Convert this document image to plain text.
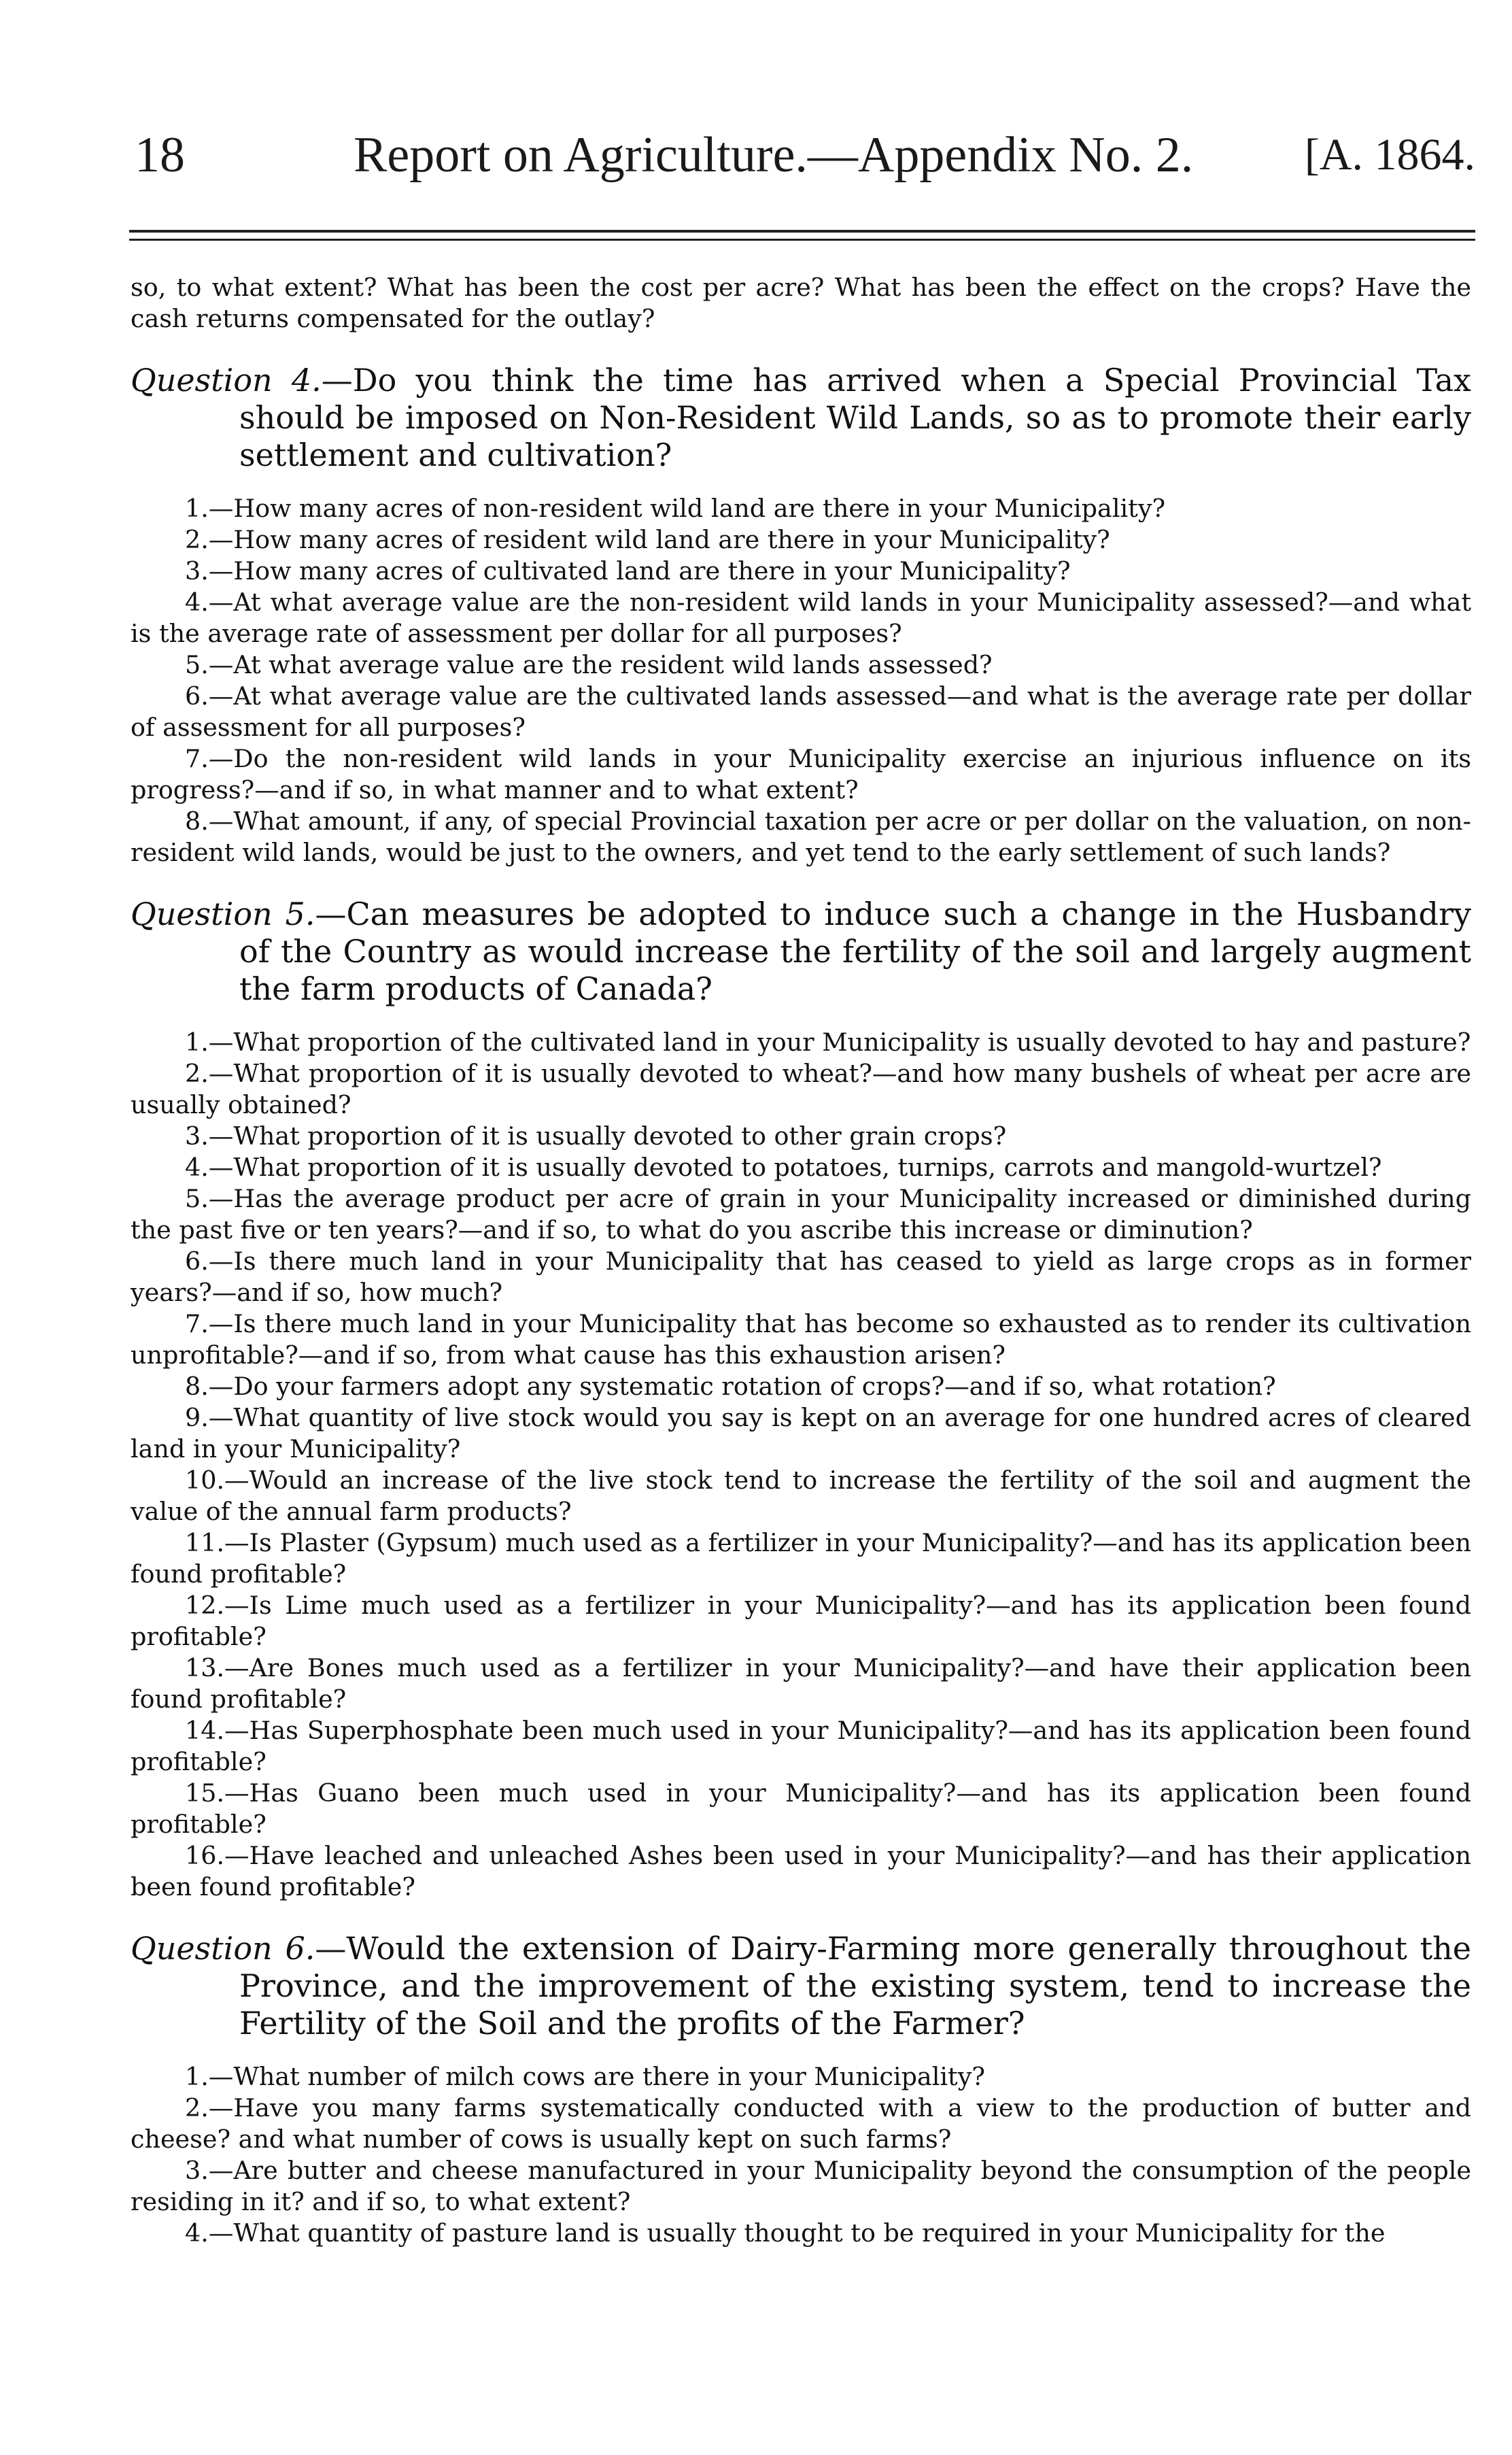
18	Report on Agriculture.—Appendix No. 2. [A. 1864.

so, to what extent? What has been the cost per acre? What has been the effect on the crops? Have the cash returns compensated for the outlay?

Question 4.—Do you think the time has arrived when a Special Provincial Tax should be imposed on Non-Resident Wild Lands, so as to promote their early settlement and cultivation?

1.—How many acres of non-resident wild land are there in your Municipality?

2.—How many acres of resident wild land are there in your Municipality?

3.—How many acres of cultivated land are there in your Municipality?

4.—At what average value are the non-resident wild lands in your Municipality assessed?—and what is the average rate of assessment per dollar for all purposes?

5.—At what average value are the resident wild lands assessed?

6.—At what average value are the cultivated lands assessed—and what is the average rate per dollar of assessment for all purposes?

7.—Do the non-resident wild lands in your Municipality exercise an injurious influence on its progress?—and if so, in what manner and to what extent?

8.—What amount, if any, of special Provincial taxation per acre or per dollar on the valuation, on non-resident wild lands, would be just to the owners, and yet tend to the early settlement of such lands?

Question 5.—Can measures be adopted to induce such a change in the Husbandry of the Country as would increase the fertility of the soil and largely augment the farm products of Canada?

1.—What proportion of the cultivated land in your Municipality is usually devoted to hay and pasture?

2.—What proportion of it is usually devoted to wheat?—and how many bushels of wheat per acre are usually obtained?

3.—What proportion of it is usually devoted to other grain crops?

4.—What proportion of it is usually devoted to potatoes, turnips, carrots and mangold-wurtzel?

5.—Has the average product per acre of grain in your Municipality increased or diminished during the past five or ten years?—and if so, to what do you ascribe this increase or diminution?

6.—Is there much land in your Municipality that has ceased to yield as large crops as in former years?—and if so, how much?

7.—Is there much land in your Municipality that has become so exhausted as to render its cultivation unprofitable?—and if so, from what cause has this exhaustion arisen?

8.—Do your farmers adopt any systematic rotation of crops?—and if so, what rotation?

9.—What quantity of live stock would you say is kept on an average for one hundred acres of cleared land in your Municipality?

10.—Would an increase of the live stock tend to increase the fertility of the soil and augment the value of the annual farm products?

11.—Is Plaster (Gypsum) much used as a fertilizer in your Municipality?—and has its application been found profitable?

12.—Is Lime much used as a fertilizer in your Municipality?—and has its application been found profitable?

13.—Are Bones much used as a fertilizer in your Municipality?—and have their application been found profitable?

14.—Has Superphosphate been much used in your Municipality?—and has its application been found profitable?

15.—Has Guano been much used in your Municipality?—and has its application been found profitable?

16.—Have leached and unleached Ashes been used in your Municipality?—and has their application been found profitable?

Question 6.—Would the extension of Dairy-Farming more generally throughout the Province, and the improvement of the existing system, tend to increase the Fertility of the Soil and the profits of the Farmer?

1.—What number of milch cows are there in your Municipality?

2.—Have you many farms systematically conducted with a view to the production of butter and cheese? and what number of cows is usually kept on such farms?

3.—Are butter and cheese manufactured in your Municipality beyond the consumption of the people residing in it? and if so, to what extent?

4.—What quantity of pasture land is usually thought to be required in your Municipality for the
